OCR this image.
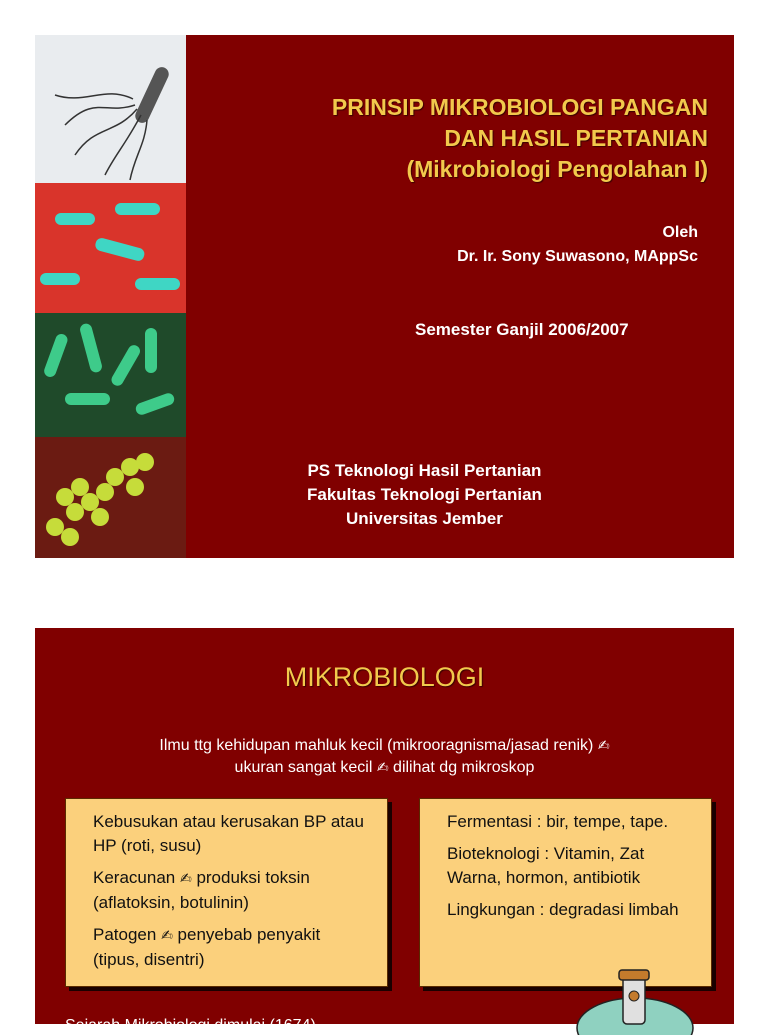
PRINSIP MIKROBIOLOGI PANGAN
DAN HASIL PERTANIAN
(Mikrobiologi Pengolahan I)
Oleh
Dr. Ir. Sony Suwasono, MAppSc
Semester Ganjil 2006/2007
PS Teknologi Hasil Pertanian
Fakultas Teknologi Pertanian
Universitas Jember
MIKROBIOLOGI
Ilmu ttg kehidupan mahluk kecil (mikrooragnisma/jasad renik) ✍
ukuran sangat kecil ✍ dilihat dg mikroskop
Kebusukan atau kerusakan BP atau HP (roti, susu)
Keracunan ✍ produksi toksin (aflatoksin, botulinin)
Patogen ✍ penyebab penyakit   (tipus, disentri)
Fermentasi : bir, tempe, tape.
Bioteknologi : Vitamin, Zat Warna, hormon, antibiotik
Lingkungan : degradasi limbah
Sejarah Mikrobiologi dimulai (1674)
